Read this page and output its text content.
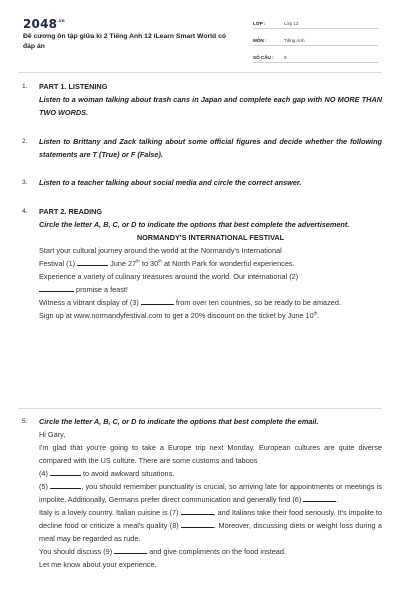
$2048^{.vn}$
Đề cương ôn tập giữa kì 2 Tiếng Anh 12 iLearn Smart World có đáp án
LỚP :	Lớp 12
MÔN :	Tiếng Anh
SỐ CÂU :	9
1. PART 1. LISTENING
Listen to a woman talking about trash cans in Japan and complete each gap with NO MORE THAN TWO WORDS.
2. Listen to Brittany and Zack talking about some official figures and decide whether the following statements are T (True) or F (False).
3. Listen to a teacher talking about social media and circle the correct answer.
4. PART 2. READING
Circle the letter A, B, C, or D to indicate the options that best complete the advertisement.
NORMANDY'S INTERNATIONAL FESTIVAL
Start your cultural journey around the world at the Normandy's International
Festival (1)	June 27th to 30th at North Park for wonderful experiences.
Experience a variety of culinary treasures around the world. Our international (2)
promise a feast!
Witness a vibrant display of (3)	from over ten countries, so be ready to be amazed.
Sign up at www.normandyfestival.com to get a 20% discount on the ticket by June 10th.
5. Circle the letter A, B, C, or D to indicate the options that best complete the email.
Hi Gary,
I'm glad that you're going to take a Europe trip next Monday. European cultures are quite diverse compared with the US culture. There are some customs and taboos
(4)	to avoid awkward situations.
(5)	, you should remember punctuality is crucial, so arriving late for appointments or meetings is impolite. Additionally, Germans prefer direct communication and generally find (6)	.
Italy is a lovely country. Italian cuisine is (7)	, and Italians take their food seriously. It's impolite to decline food or criticize a meal's quality (8)	. Moreover, discussing diets or weight loss during a meal may be regarded as rude.
You should discuss (9)	and give compliments on the food instead.
Let me know about your experience.
